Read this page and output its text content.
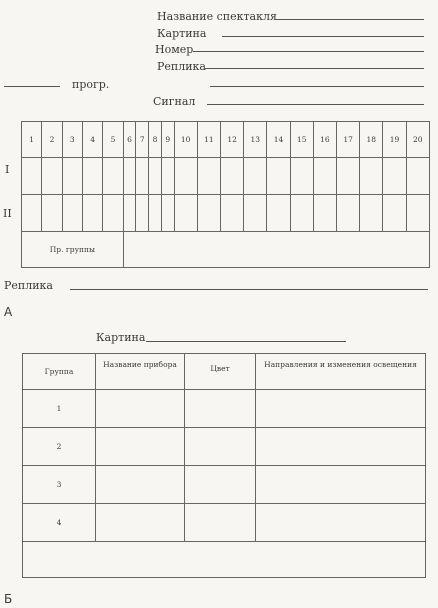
Название спектакля
Картина
Номер
Реплика
прогр.
Сигнал
1	2	3	4	5	6	7	8	9	10	11	12	13	14	15	16	17	18	19	20

Пр. группы																			
I
II
Реплика
А
Картина
Группа	Название прибора	Цвет	Направления и изменения освещения
1			
2			
3			
4			

Б
